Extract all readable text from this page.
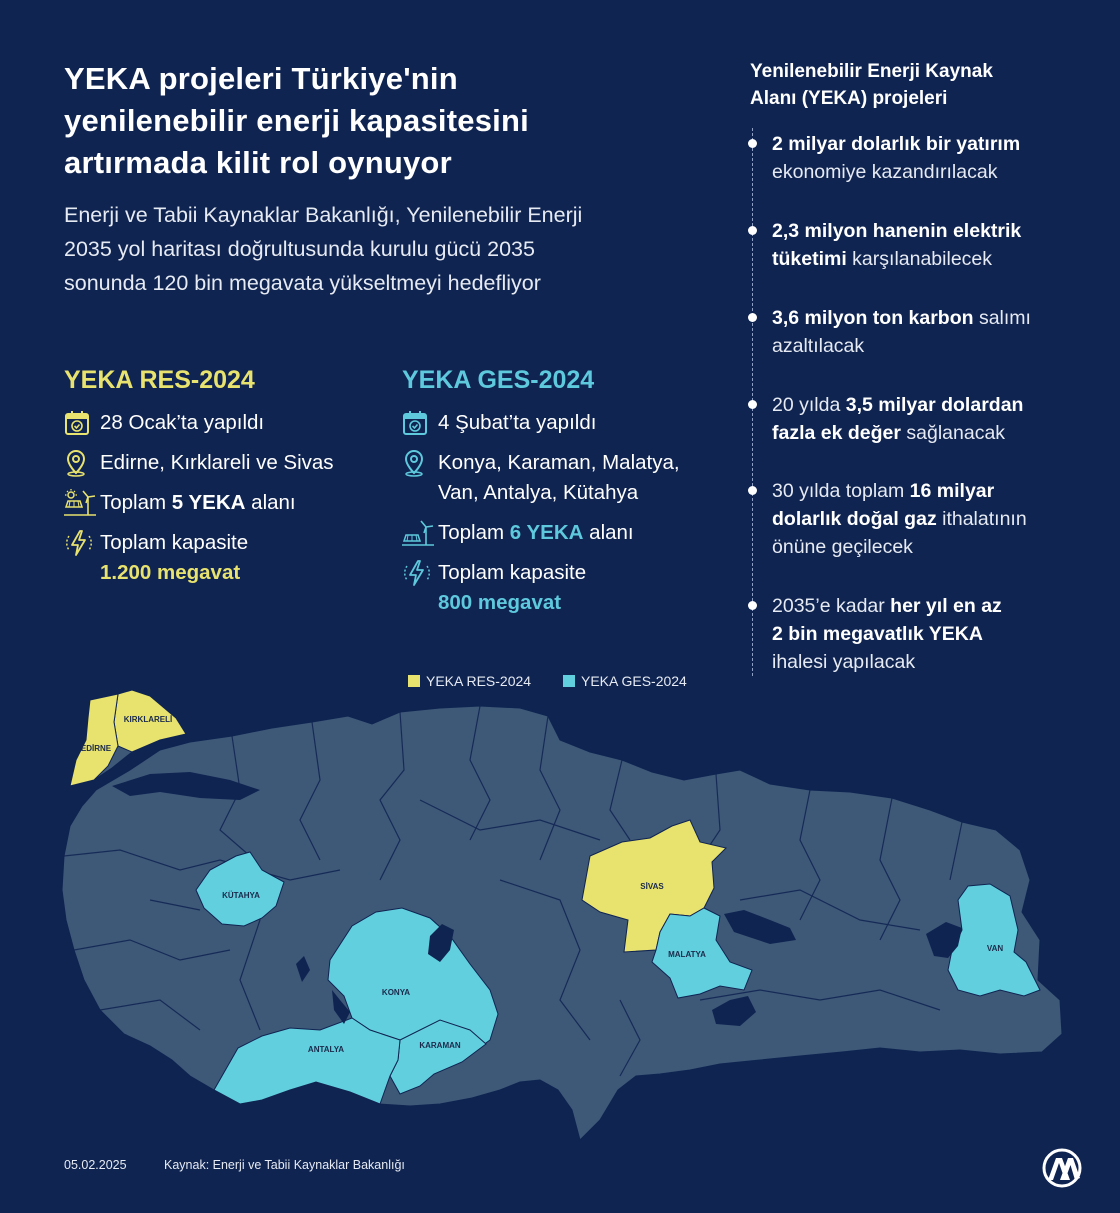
YEKA projeleri Türkiye'nin
yenilenebilir enerji kapasitesini
artırmada kilit rol oynuyor
Enerji ve Tabii Kaynaklar Bakanlığı, Yenilenebilir Enerji
2035 yol haritası doğrultusunda kurulu gücü 2035
sonunda 120 bin megavata yükseltmeyi hedefliyor
YEKA RES-2024
28 Ocak’ta yapıldı
Edirne, Kırklareli ve Sivas
Toplam 5 YEKA alanı
Toplam kapasite
1.200 megavat
YEKA GES-2024
4 Şubat’ta yapıldı
Konya, Karaman, Malatya,
Van, Antalya, Kütahya
Toplam 6 YEKA alanı
Toplam kapasite
800 megavat
Yenilenebilir Enerji Kaynak
Alanı (YEKA) projeleri
2 milyar dolarlık bir yatırım
ekonomiye kazandırılacak
2,3 milyon hanenin elektrik
tüketimi karşılanabilecek
3,6 milyon ton karbon salımı
azaltılacak
20 yılda 3,5 milyar dolardan
fazla ek değer sağlanacak
30 yılda toplam 16 milyar
dolarlık doğal gaz ithalatının
önüne geçilecek
2035’e kadar her yıl en az
2 bin megavatlık YEKA
ihalesi yapılacak
YEKA RES-2024	YEKA GES-2024
KIRKLARELİ
EDİRNE
KÜTAHYA
SİVAS
MALATYA
KONYA
ANTALYA	KARAMAN
VAN
05.02.2025	Kaynak: Enerji ve Tabii Kaynaklar Bakanlığı
